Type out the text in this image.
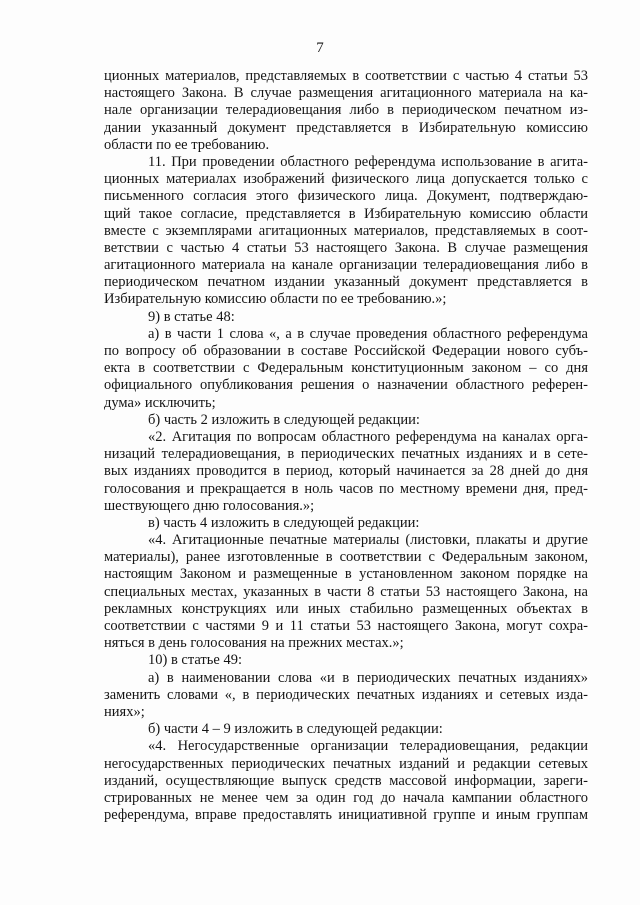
7
ционных материалов, представляемых в соответствии с частью 4 статьи 53
настоящего Закона. В случае размещения агитационного материала на ка-
нале организации телерадиовещания либо в периодическом печатном из-
дании указанный документ представляется в Избирательную комиссию
области по ее требованию.
11. При проведении областного референдума использование в агита-
ционных материалах изображений физического лица допускается только с
письменного согласия этого физического лица. Документ, подтверждаю-
щий такое согласие, представляется в Избирательную комиссию области
вместе с экземплярами агитационных материалов, представляемых в соот-
ветствии с частью 4 статьи 53 настоящего Закона. В случае размещения
агитационного материала на канале организации телерадиовещания либо в
периодическом печатном издании указанный документ представляется в
Избирательную комиссию области по ее требованию.»;
9) в статье 48:
а) в части 1 слова «, а в случае проведения областного референдума
по вопросу об образовании в составе Российской Федерации нового субъ-
екта в соответствии с Федеральным конституционным законом – со дня
официального опубликования решения о назначении областного референ-
дума» исключить;
б) часть 2 изложить в следующей редакции:
«2. Агитация по вопросам областного референдума на каналах орга-
низаций телерадиовещания, в периодических печатных изданиях и в сете-
вых изданиях проводится в период, который начинается за 28 дней до дня
голосования и прекращается в ноль часов по местному времени дня, пред-
шествующего дню голосования.»;
в) часть 4 изложить в следующей редакции:
«4. Агитационные печатные материалы (листовки, плакаты и другие
материалы), ранее изготовленные в соответствии с Федеральным законом,
настоящим Законом и размещенные в установленном законом порядке на
специальных местах, указанных в части 8 статьи 53 настоящего Закона, на
рекламных конструкциях или иных стабильно размещенных объектах в
соответствии с частями 9 и 11 статьи 53 настоящего Закона, могут сохра-
няться в день голосования на прежних местах.»;
10) в статье 49:
а) в наименовании слова «и в периодических печатных изданиях»
заменить словами «, в периодических печатных изданиях и сетевых изда-
ниях»;
б) части 4 – 9 изложить в следующей редакции:
«4. Негосударственные организации телерадиовещания, редакции
негосударственных периодических печатных изданий и редакции сетевых
изданий, осуществляющие выпуск средств массовой информации, зареги-
стрированных не менее чем за один год до начала кампании областного
референдума, вправе предоставлять инициативной группе и иным группам
